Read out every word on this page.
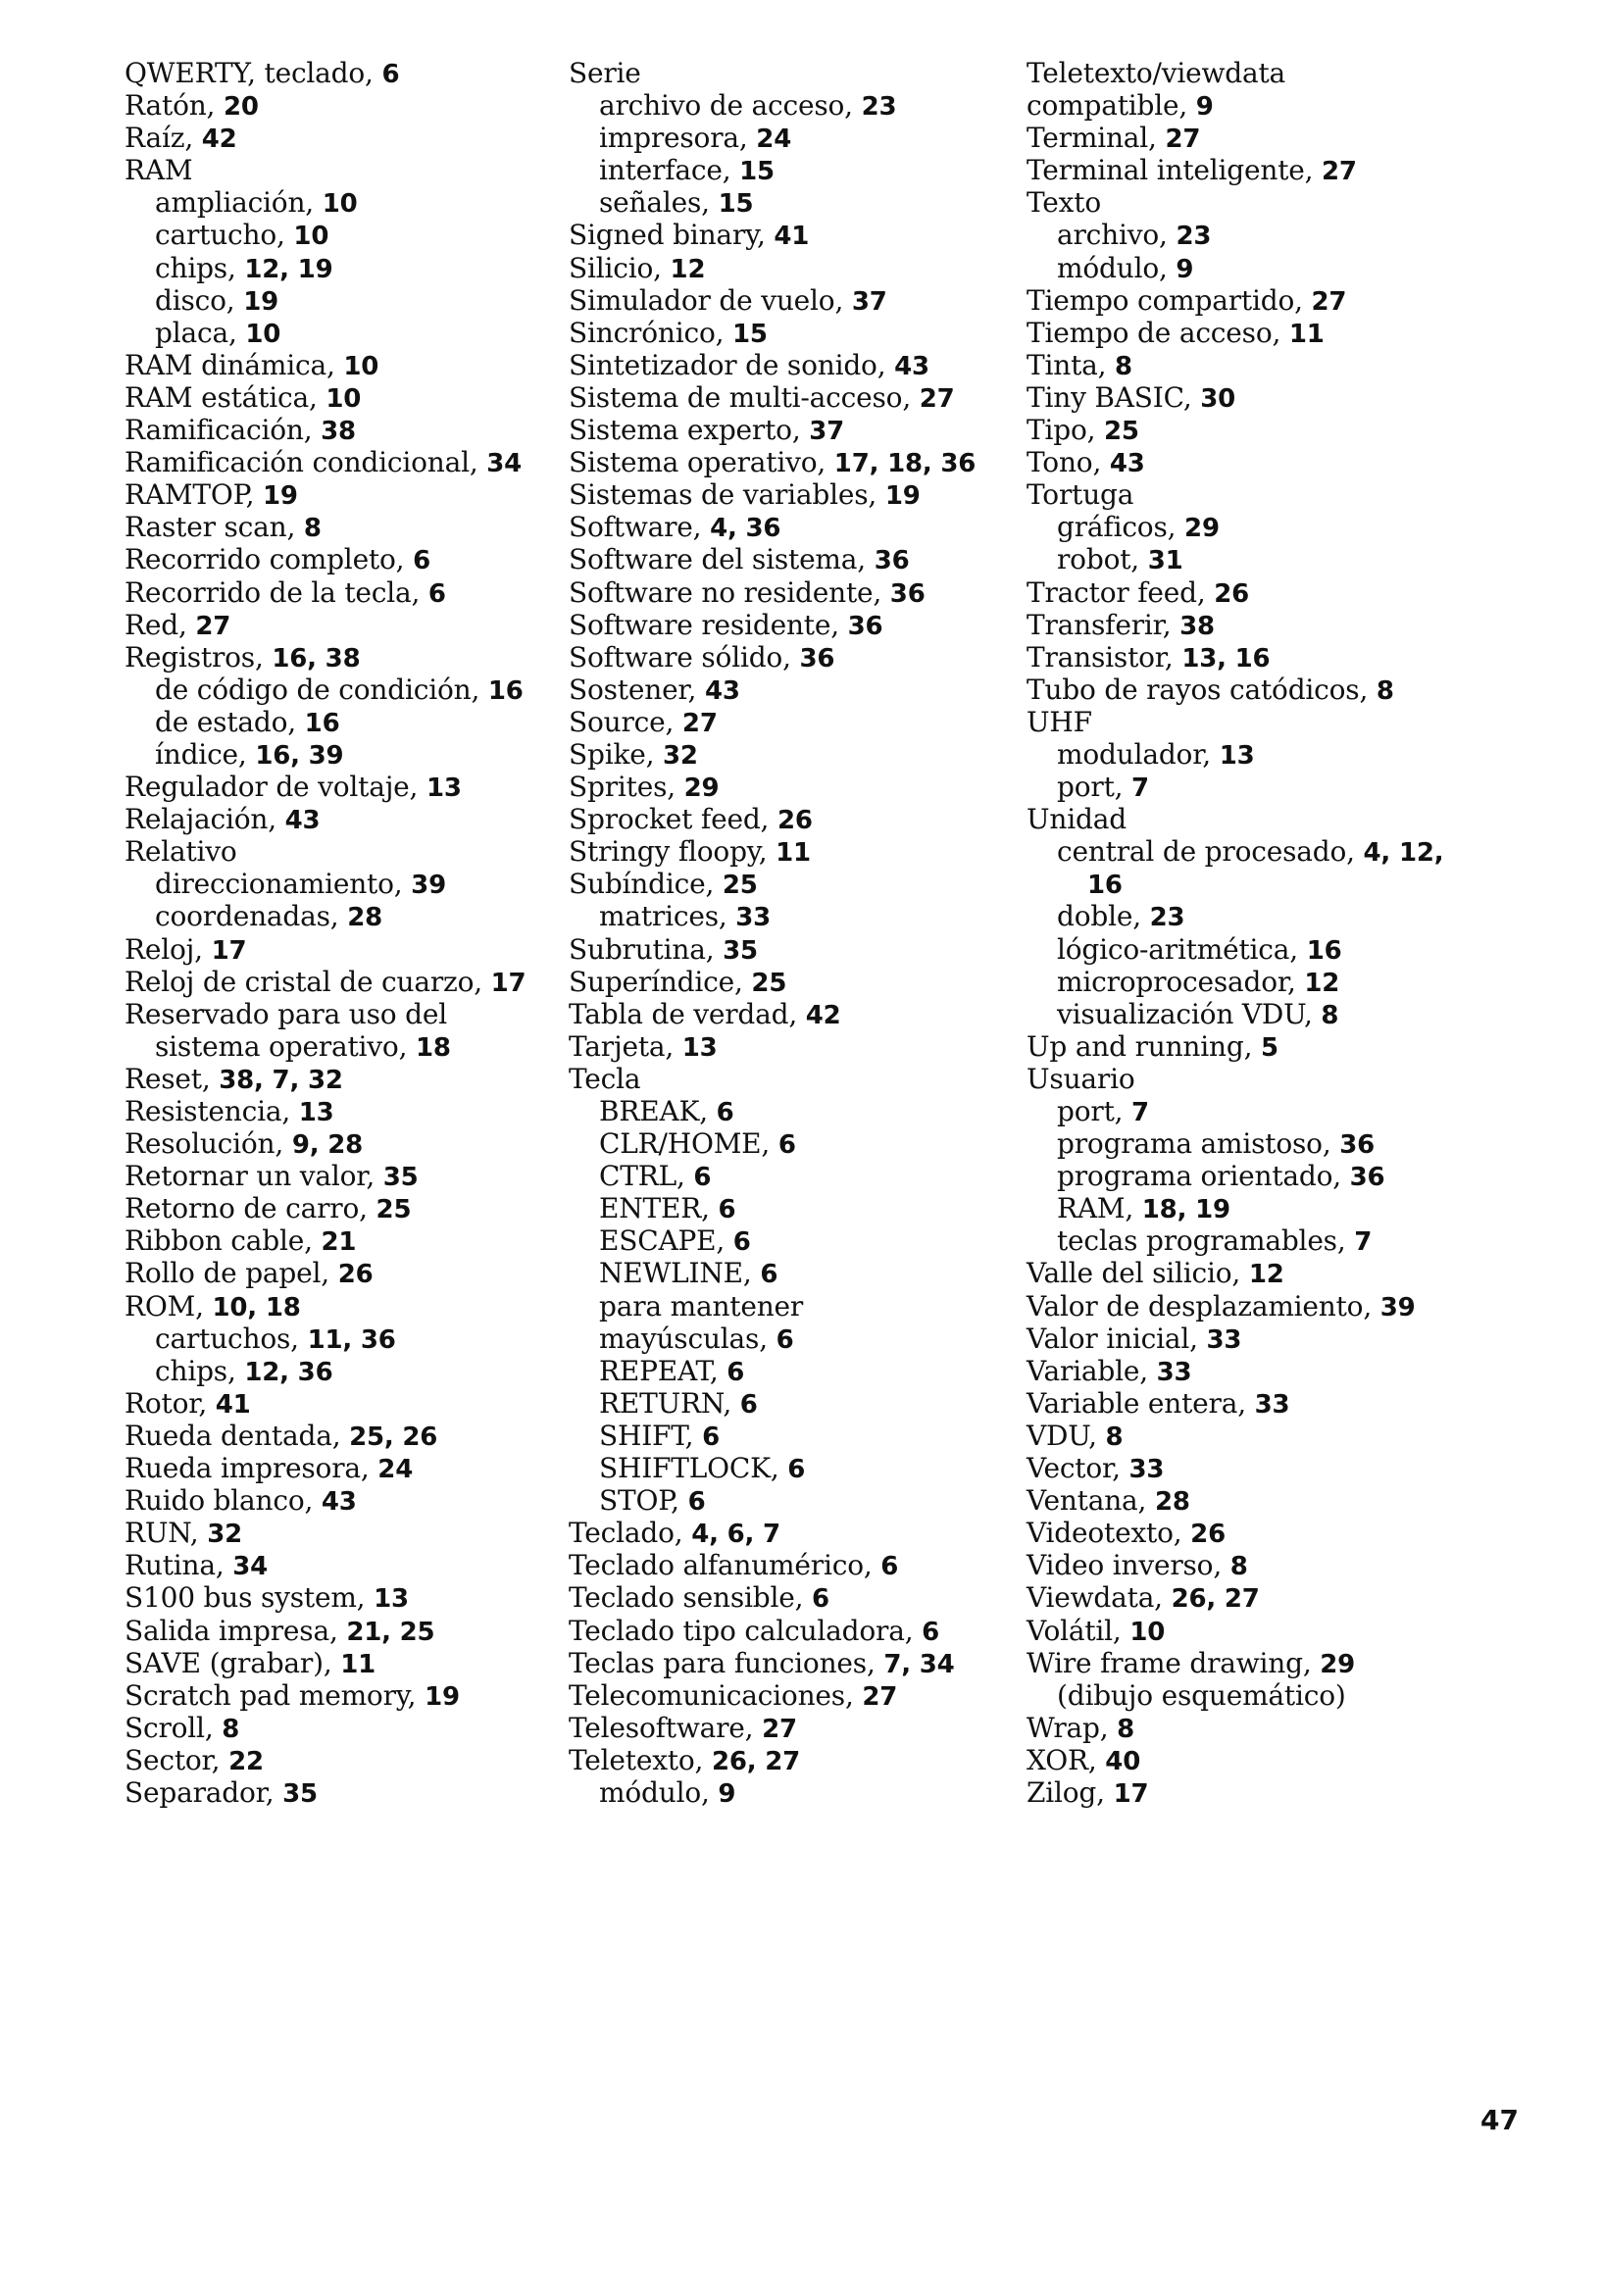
QWERTY, teclado, 6
Ratón, 20
Raíz, 42
RAM
ampliación, 10
cartucho, 10
chips, 12, 19
disco, 19
placa, 10
RAM dinámica, 10
RAM estática, 10
Ramificación, 38
Ramificación condicional, 34
RAMTOP, 19
Raster scan, 8
Recorrido completo, 6
Recorrido de la tecla, 6
Red, 27
Registros, 16, 38
de código de condición, 16
de estado, 16
índice, 16, 39
Regulador de voltaje, 13
Relajación, 43
Relativo
direccionamiento, 39
coordenadas, 28
Reloj, 17
Reloj de cristal de cuarzo, 17
Reservado para uso del
sistema operativo, 18
Reset, 38, 7, 32
Resistencia, 13
Resolución, 9, 28
Retornar un valor, 35
Retorno de carro, 25
Ribbon cable, 21
Rollo de papel, 26
ROM, 10, 18
cartuchos, 11, 36
chips, 12, 36
Rotor, 41
Rueda dentada, 25, 26
Rueda impresora, 24
Ruido blanco, 43
RUN, 32
Rutina, 34
S100 bus system, 13
Salida impresa, 21, 25
SAVE (grabar), 11
Scratch pad memory, 19
Scroll, 8
Sector, 22
Separador, 35
Serie
archivo de acceso, 23
impresora, 24
interface, 15
señales, 15
Signed binary, 41
Silicio, 12
Simulador de vuelo, 37
Sincrónico, 15
Sintetizador de sonido, 43
Sistema de multi-acceso, 27
Sistema experto, 37
Sistema operativo, 17, 18, 36
Sistemas de variables, 19
Software, 4, 36
Software del sistema, 36
Software no residente, 36
Software residente, 36
Software sólido, 36
Sostener, 43
Source, 27
Spike, 32
Sprites, 29
Sprocket feed, 26
Stringy floopy, 11
Subíndice, 25
matrices, 33
Subrutina, 35
Superíndice, 25
Tabla de verdad, 42
Tarjeta, 13
Tecla
BREAK, 6
CLR/HOME, 6
CTRL, 6
ENTER, 6
ESCAPE, 6
NEWLINE, 6
para mantener
mayúsculas, 6
REPEAT, 6
RETURN, 6
SHIFT, 6
SHIFTLOCK, 6
STOP, 6
Teclado, 4, 6, 7
Teclado alfanumérico, 6
Teclado sensible, 6
Teclado tipo calculadora, 6
Teclas para funciones, 7, 34
Telecomunicaciones, 27
Telesoftware, 27
Teletexto, 26, 27
módulo, 9
Teletexto/viewdata
compatible, 9
Terminal, 27
Terminal inteligente, 27
Texto
archivo, 23
módulo, 9
Tiempo compartido, 27
Tiempo de acceso, 11
Tinta, 8
Tiny BASIC, 30
Tipo, 25
Tono, 43
Tortuga
gráficos, 29
robot, 31
Tractor feed, 26
Transferir, 38
Transistor, 13, 16
Tubo de rayos catódicos, 8
UHF
modulador, 13
port, 7
Unidad
central de procesado, 4, 12,
16
doble, 23
lógico-aritmética, 16
microprocesador, 12
visualización VDU, 8
Up and running, 5
Usuario
port, 7
programa amistoso, 36
programa orientado, 36
RAM, 18, 19
teclas programables, 7
Valle del silicio, 12
Valor de desplazamiento, 39
Valor inicial, 33
Variable, 33
Variable entera, 33
VDU, 8
Vector, 33
Ventana, 28
Videotexto, 26
Video inverso, 8
Viewdata, 26, 27
Volátil, 10
Wire frame drawing, 29
(dibujo esquemático)
Wrap, 8
XOR, 40
Zilog, 17
47
